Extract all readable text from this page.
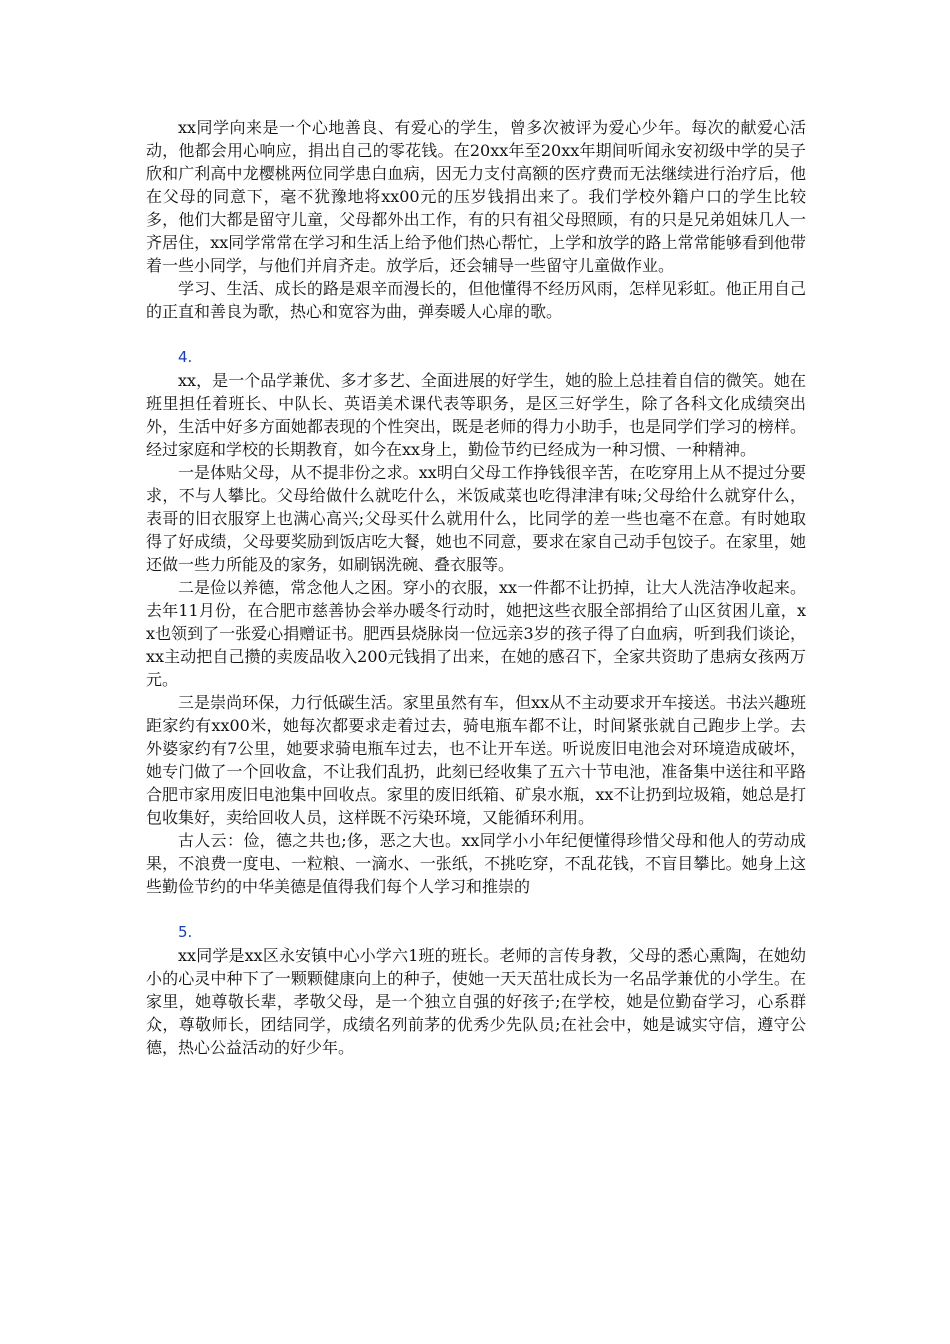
xx同学向来是一个心地善良、有爱心的学生，曾多次被评为爱心少年。每次的献爱心活动，他都会用心响应，捐出自己的零花钱。在20xx年至20xx年期间听闻永安初级中学的吴子欣和广利高中龙樱桃两位同学患白血病，因无力支付高额的医疗费而无法继续进行治疗后，他在父母的同意下，毫不犹豫地将xx00元的压岁钱捐出来了。我们学校外籍户口的学生比较多，他们大都是留守儿童，父母都外出工作，有的只有祖父母照顾，有的只是兄弟姐妹几人一齐居住，xx同学常常在学习和生活上给予他们热心帮忙，上学和放学的路上常常能够看到他带着一些小同学，与他们并肩齐走。放学后，还会辅导一些留守儿童做作业。

学习、生活、成长的路是艰辛而漫长的，但他懂得不经历风雨，怎样见彩虹。他正用自己的正直和善良为歌，热心和宽容为曲，弹奏暖人心扉的歌。

4.

xx，是一个品学兼优、多才多艺、全面进展的好学生，她的脸上总挂着自信的微笑。她在班里担任着班长、中队长、英语美术课代表等职务，是区三好学生，除了各科文化成绩突出外，生活中好多方面她都表现的个性突出，既是老师的得力小助手，也是同学们学习的榜样。经过家庭和学校的长期教育，如今在xx身上，勤俭节约已经成为一种习惯、一种精神。

一是体贴父母，从不提非份之求。xx明白父母工作挣钱很辛苦，在吃穿用上从不提过分要求，不与人攀比。父母给做什么就吃什么，米饭咸菜也吃得津津有味;父母给什么就穿什么，表哥的旧衣服穿上也满心高兴;父母买什么就用什么，比同学的差一些也毫不在意。有时她取得了好成绩，父母要奖励到饭店吃大餐，她也不同意，要求在家自己动手包饺子。在家里，她还做一些力所能及的家务，如刷锅洗碗、叠衣服等。

二是俭以养德，常念他人之困。穿小的衣服，xx一件都不让扔掉，让大人洗洁净收起来。去年11月份，在合肥市慈善协会举办暖冬行动时，她把这些衣服全部捐给了山区贫困儿童，xx也领到了一张爱心捐赠证书。肥西县烧脉岗一位远亲3岁的孩子得了白血病，听到我们谈论，xx主动把自己攒的卖废品收入200元钱捐了出来，在她的感召下，全家共资助了患病女孩两万元。

三是崇尚环保，力行低碳生活。家里虽然有车，但xx从不主动要求开车接送。书法兴趣班距家约有xx00米，她每次都要求走着过去，骑电瓶车都不让，时间紧张就自己跑步上学。去外婆家约有7公里，她要求骑电瓶车过去，也不让开车送。听说废旧电池会对环境造成破坏，她专门做了一个回收盒，不让我们乱扔，此刻已经收集了五六十节电池，准备集中送往和平路合肥市家用废旧电池集中回收点。家里的废旧纸箱、矿泉水瓶，xx不让扔到垃圾箱，她总是打包收集好，卖给回收人员，这样既不污染环境，又能循环利用。

古人云：俭，德之共也;侈，恶之大也。xx同学小小年纪便懂得珍惜父母和他人的劳动成果，不浪费一度电、一粒粮、一滴水、一张纸，不挑吃穿，不乱花钱，不盲目攀比。她身上这些勤俭节约的中华美德是值得我们每个人学习和推崇的

5.

xx同学是xx区永安镇中心小学六1班的班长。老师的言传身教，父母的悉心熏陶，在她幼小的心灵中种下了一颗颗健康向上的种子，使她一天天茁壮成长为一名品学兼优的小学生。在家里，她尊敬长辈，孝敬父母，是一个独立自强的好孩子;在学校，她是位勤奋学习，心系群众，尊敬师长，团结同学，成绩名列前茅的优秀少先队员;在社会中，她是诚实守信，遵守公德，热心公益活动的好少年。
